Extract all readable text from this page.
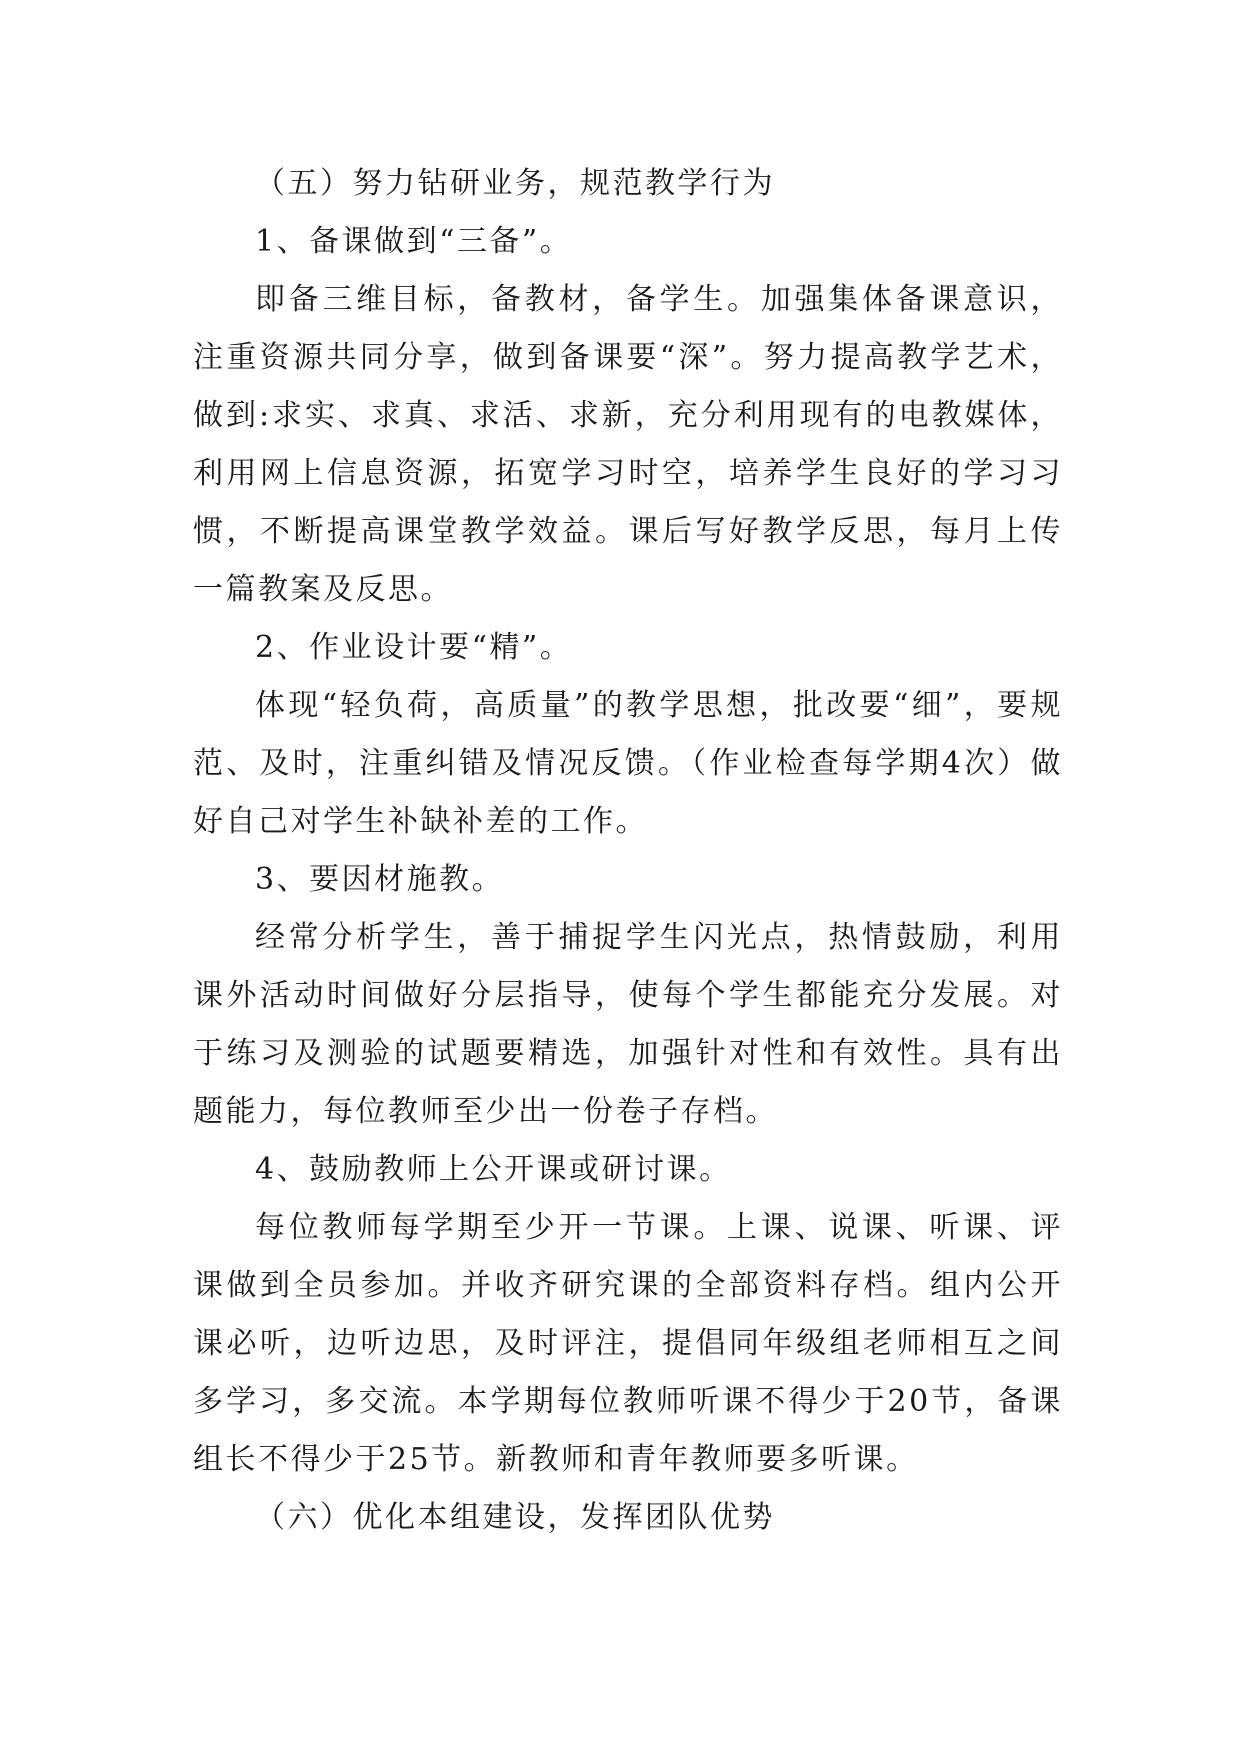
（五）努力钻研业务，规范教学行为

1、备课做到“三备”。

即备三维目标，备教材，备学生。加强集体备课意识，注重资源共同分享，做到备课要“深”。努力提高教学艺术，做到:求实、求真、求活、求新，充分利用现有的电教媒体，利用网上信息资源，拓宽学习时空，培养学生良好的学习习惯，不断提高课堂教学效益。课后写好教学反思，每月上传一篇教案及反思。

2、作业设计要“精”。

体现“轻负荷，高质量”的教学思想，批改要“细”，要规范、及时，注重纠错及情况反馈。（作业检查每学期4次）做好自己对学生补缺补差的工作。

3、要因材施教。

经常分析学生，善于捕捉学生闪光点，热情鼓励，利用课外活动时间做好分层指导，使每个学生都能充分发展。对于练习及测验的试题要精选，加强针对性和有效性。具有出题能力，每位教师至少出一份卷子存档。

4、鼓励教师上公开课或研讨课。

每位教师每学期至少开一节课。上课、说课、听课、评课做到全员参加。并收齐研究课的全部资料存档。组内公开课必听，边听边思，及时评注，提倡同年级组老师相互之间多学习，多交流。本学期每位教师听课不得少于20节，备课组长不得少于25节。新教师和青年教师要多听课。

（六）优化本组建设，发挥团队优势
